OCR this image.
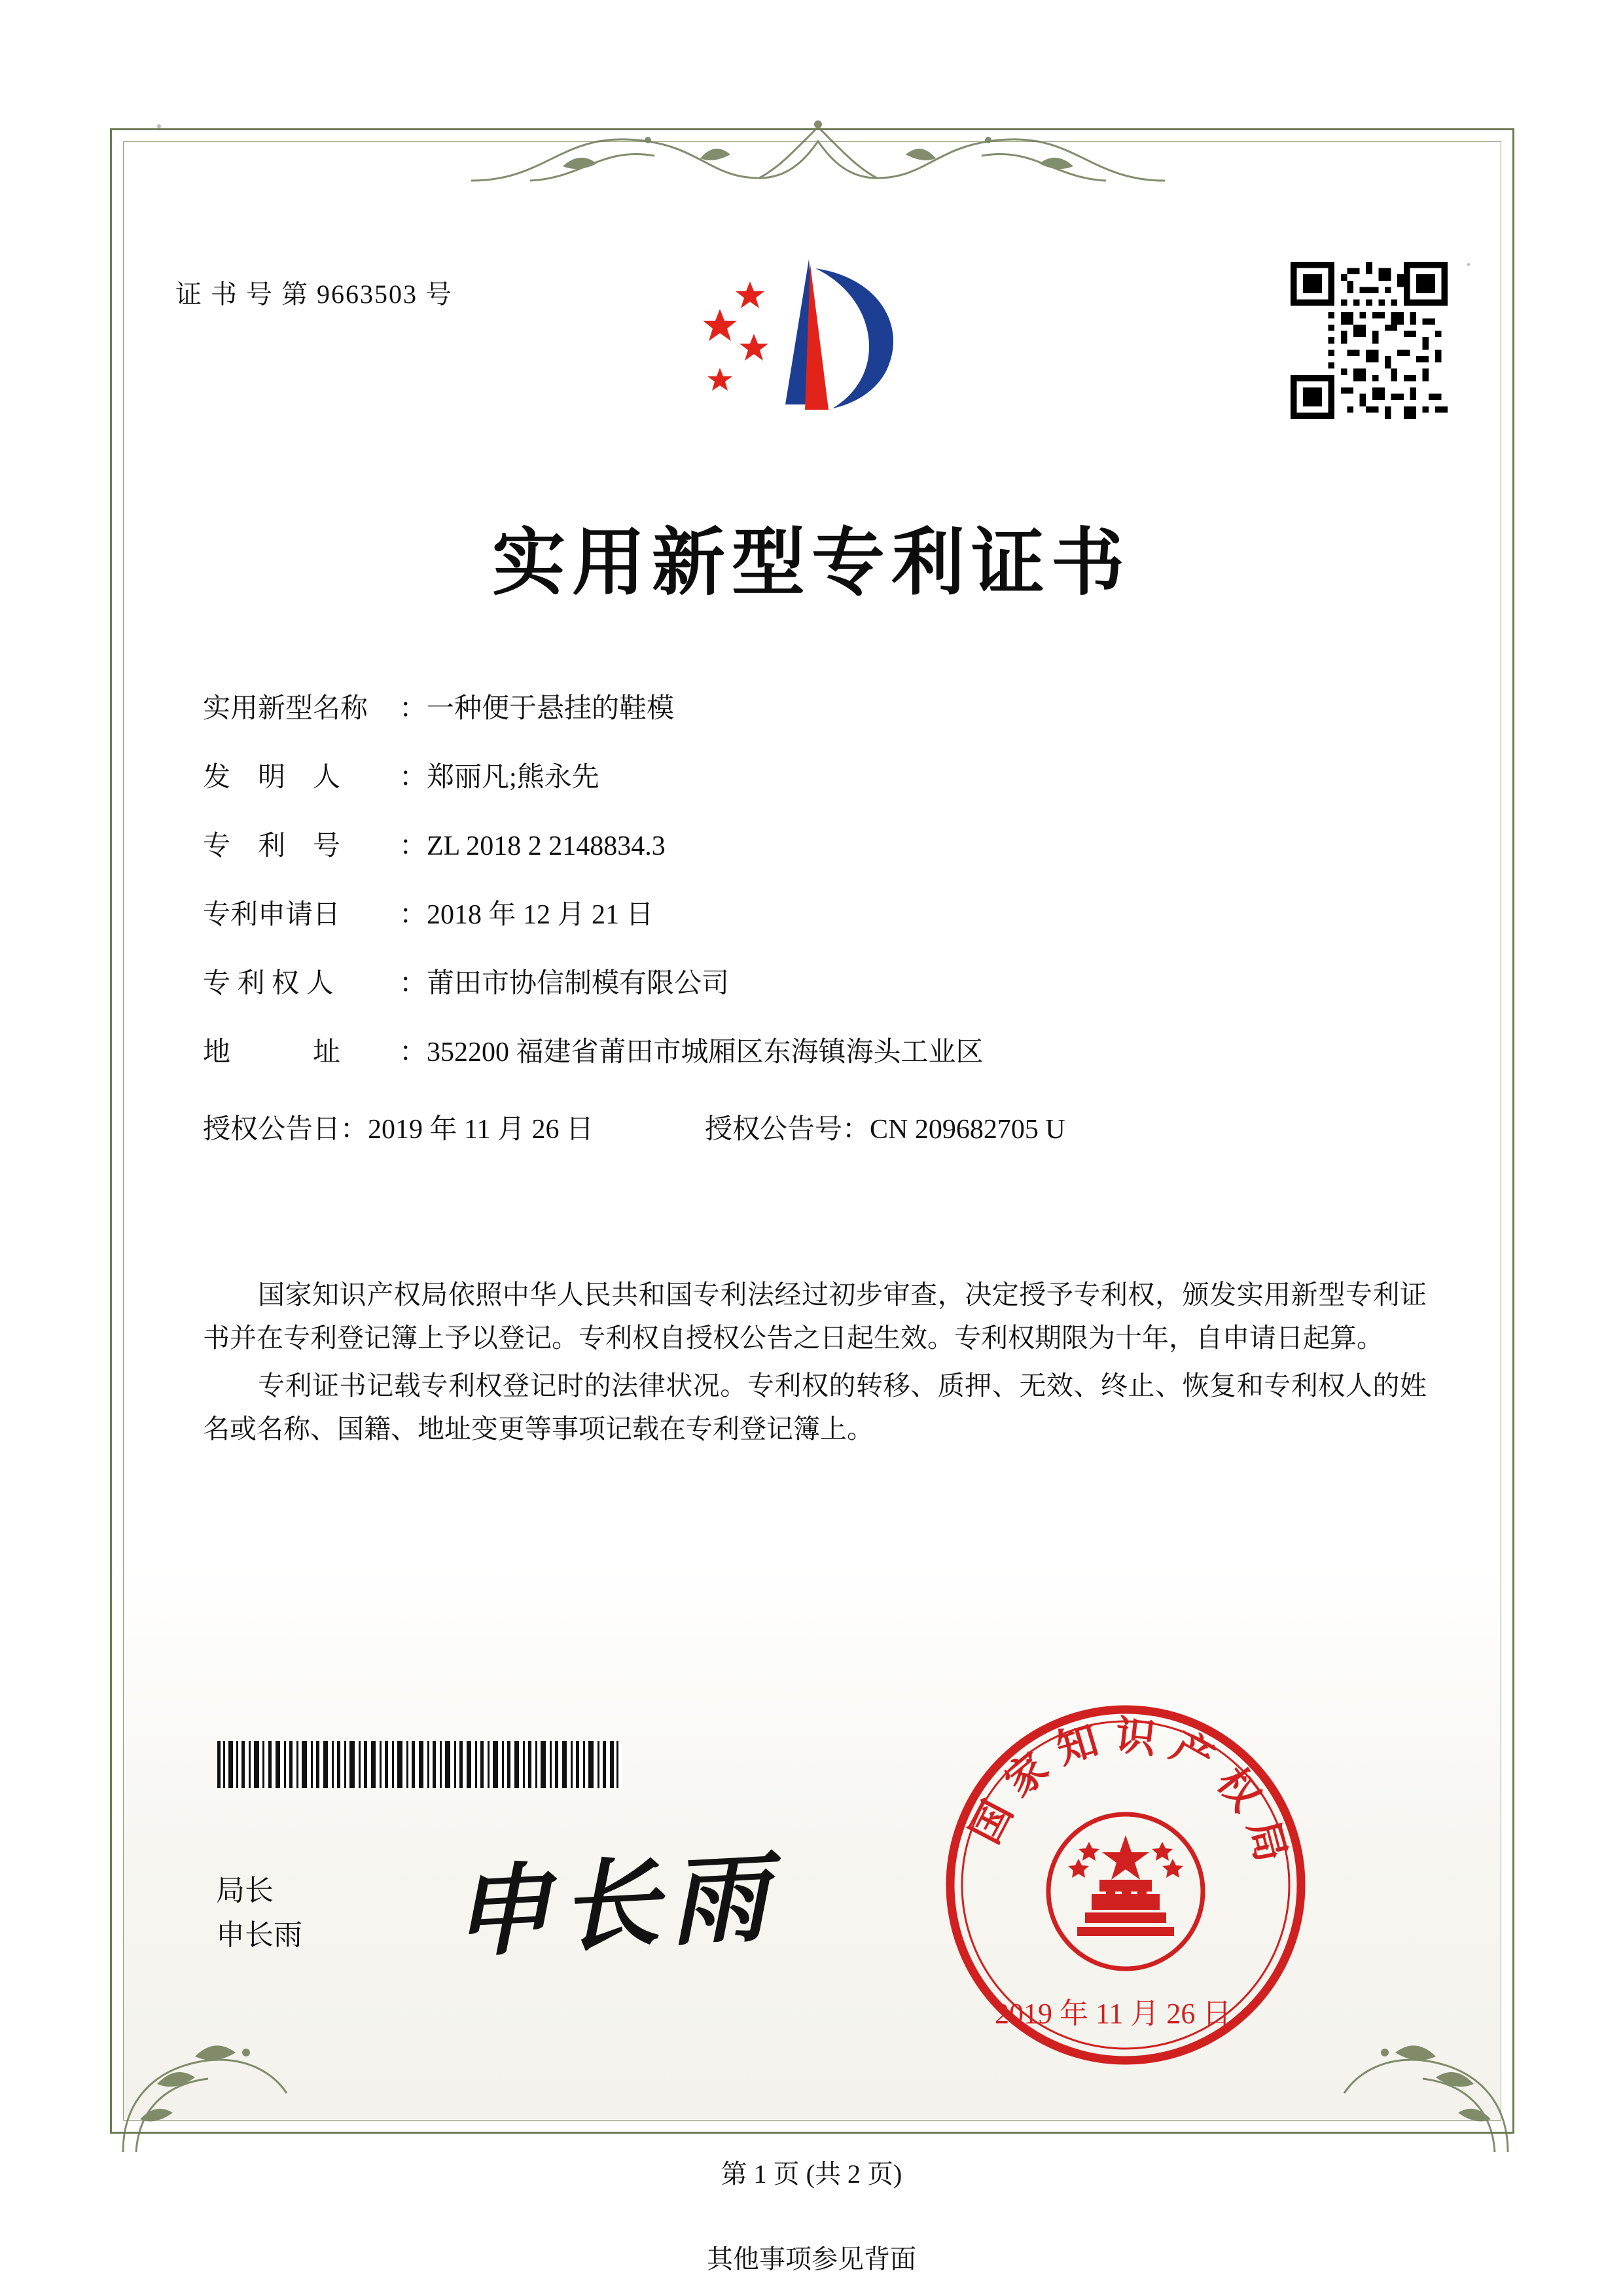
证 书 号 第 9663503 号
实用新型专利证书
实用新型名称 ：一种便于悬挂的鞋模
发　明　人 ：郑丽凡;熊永先
专　利　号 ：ZL 2018 2 2148834.3
专利申请日 ：2018 年 12 月 21 日
专 利 权 人 ：莆田市协信制模有限公司
地　　　址 ：352200 福建省莆田市城厢区东海镇海头工业区
授权公告日：2019 年 11 月 26 日	授权公告号：CN 209682705 U

国家知识产权局依照中华人民共和国专利法经过初步审查，决定授予专利权，颁发实用新型专利证书并在专利登记簿上予以登记。专利权自授权公告之日起生效。专利权期限为十年，自申请日起算。

专利证书记载专利权登记时的法律状况。专利权的转移、质押、无效、终止、恢复和专利权人的姓名或名称、国籍、地址变更等事项记载在专利登记簿上。

局长
申长雨 申长雨
国家知识产权局
2019 年 11 月 26 日
第 1 页 (共 2 页)
其他事项参见背面
